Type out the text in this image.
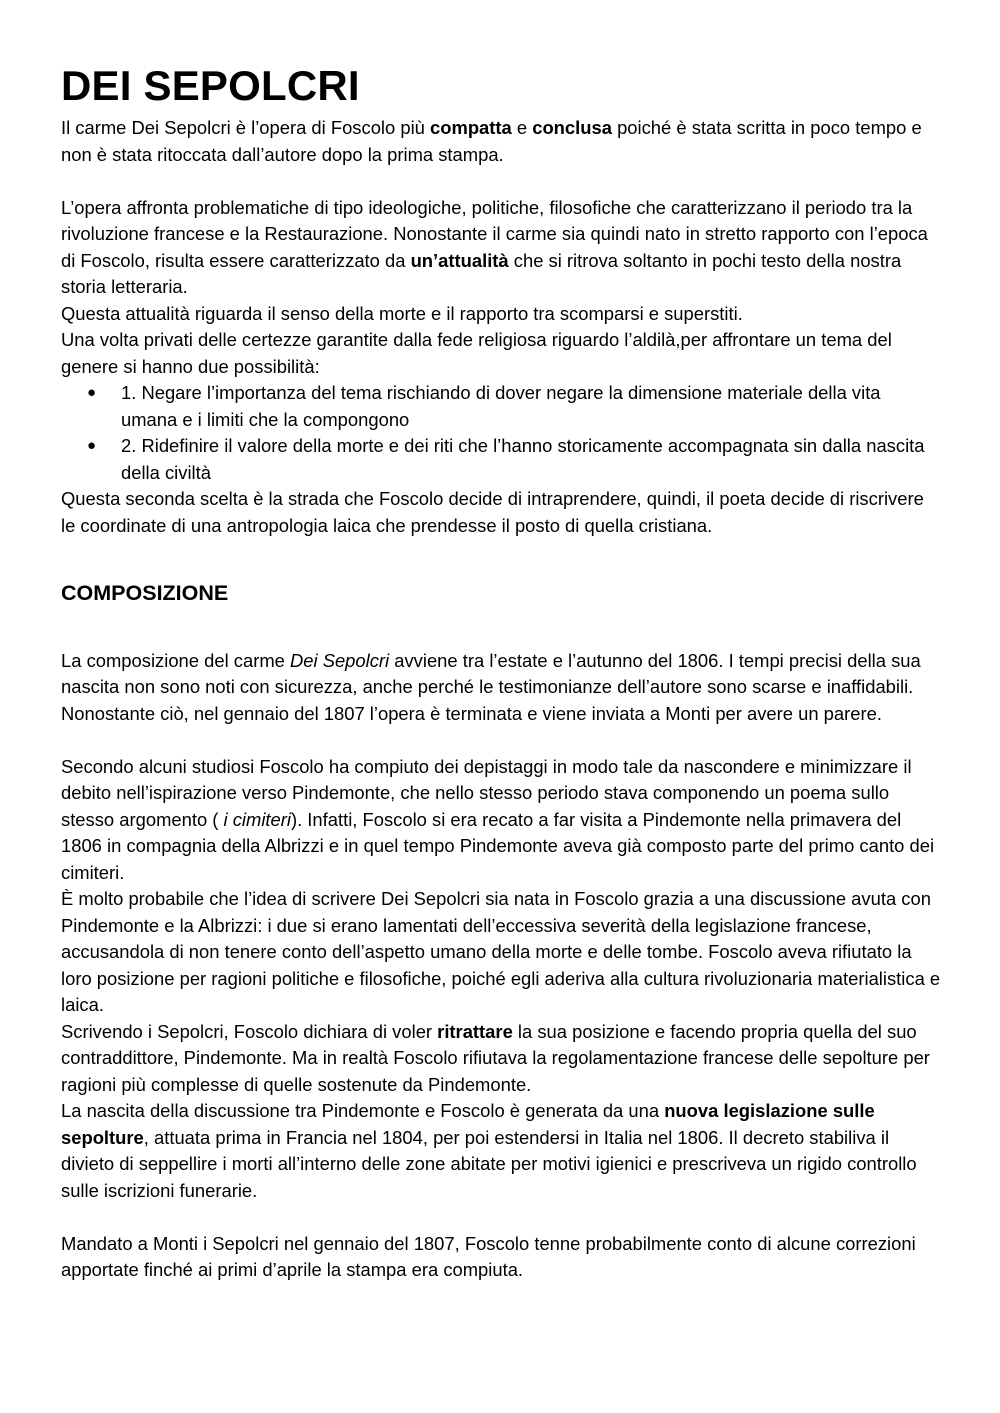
DEI SEPOLCRI

Il carme Dei Sepolcri è l’opera di Foscolo più compatta e conclusa poiché è stata scritta in poco tempo e non è stata ritoccata dall’autore dopo la prima stampa.

L’opera affronta problematiche di tipo ideologiche, politiche, filosofiche che caratterizzano il periodo tra la rivoluzione francese e la Restaurazione. Nonostante il carme sia quindi nato in stretto rapporto con l’epoca di Foscolo, risulta essere caratterizzato da un’attualità che si ritrova soltanto in pochi testo della nostra storia letteraria.

Questa attualità riguarda il senso della morte e il rapporto tra scomparsi e superstiti.

Una volta privati delle certezze garantite dalla fede religiosa riguardo l’aldilà,per affrontare un tema del genere si hanno due possibilità:

● 1. Negare l’importanza del tema rischiando di dover negare la dimensione materiale della vita umana e i limiti che la compongono
● 2. Ridefinire il valore della morte e dei riti che l’hanno storicamente accompagnata sin dalla nascita della civiltà

Questa seconda scelta è la strada che Foscolo decide di intraprendere, quindi, il poeta decide di riscrivere le coordinate di una antropologia laica che prendesse il posto di quella cristiana.

COMPOSIZIONE

La composizione del carme Dei Sepolcri avviene tra l’estate e l’autunno del 1806. I tempi precisi della sua nascita non sono noti con sicurezza, anche perché le testimonianze dell’autore sono scarse e inaffidabili. Nonostante ciò, nel gennaio del 1807 l’opera è terminata e viene inviata a Monti per avere un parere.

Secondo alcuni studiosi Foscolo ha compiuto dei depistaggi in modo tale da nascondere e minimizzare il debito nell’ispirazione verso Pindemonte, che nello stesso periodo stava componendo un poema sullo stesso argomento ( i cimiteri). Infatti, Foscolo si era recato a far visita a Pindemonte nella primavera del 1806 in compagnia della Albrizzi e in quel tempo Pindemonte aveva già composto parte del primo canto dei cimiteri.

È molto probabile che l’idea di scrivere Dei Sepolcri sia nata in Foscolo grazia a una discussione avuta con Pindemonte e la Albrizzi: i due si erano lamentati dell’eccessiva severità della legislazione francese, accusandola di non tenere conto dell’aspetto umano della morte e delle tombe. Foscolo aveva rifiutato la loro posizione per ragioni politiche e filosofiche, poiché egli aderiva alla cultura rivoluzionaria materialistica e laica.

Scrivendo i Sepolcri, Foscolo dichiara di voler ritrattare la sua posizione e facendo propria quella del suo contraddittore, Pindemonte. Ma in realtà Foscolo rifiutava la regolamentazione francese delle sepolture per ragioni più complesse di quelle sostenute da Pindemonte.

La nascita della discussione tra Pindemonte e Foscolo è generata da una nuova legislazione sulle sepolture, attuata prima in Francia nel 1804, per poi estendersi in Italia nel 1806. Il decreto stabiliva il divieto di seppellire i morti all’interno delle zone abitate per motivi igienici e prescriveva un rigido controllo sulle iscrizioni funerarie.

Mandato a Monti i Sepolcri nel gennaio del 1807, Foscolo tenne probabilmente conto di alcune correzioni apportate finché ai primi d’aprile la stampa era compiuta.
